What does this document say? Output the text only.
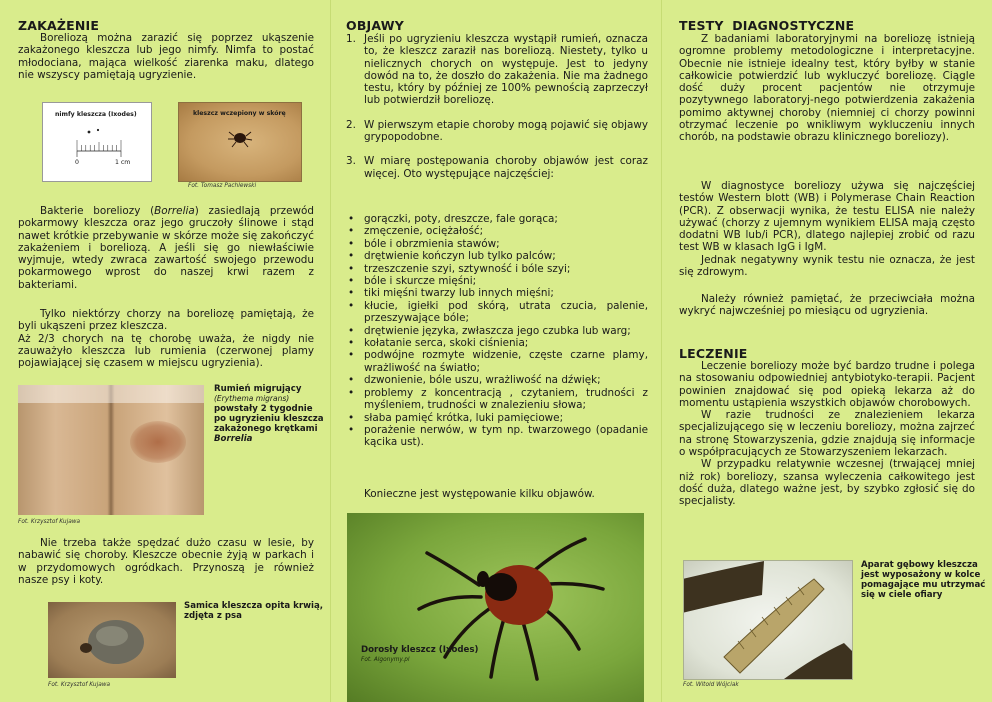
ZAKAŻENIE

Boreliozą można zarazić się poprzez ukąszenie zakażonego kleszcza lub jego nimfy. Nimfa to postać młodociana, mająca wielkość ziarenka maku, dlatego nie wszyscy pamiętają ugryzienie.

nimfy kleszcza (Ixodes)
0	1 cm
kleszcz wczepiony w skórę
Fot. Tomasz Pachlewski

Bakterie boreliozy (Borrelia) zasiedlają przewód pokarmowy kleszcza oraz jego gruczoły ślinowe i stąd nawet krótkie przebywanie w skórze może się zakończyć zakażeniem i boreliozą. A jeśli się go niewłaściwie wyjmuje, wtedy zwraca zawartość swojego przewodu pokarmowego wprost do naszej krwi razem z bakteriami.

Tylko niektórzy chorzy na boreliozę pamiętają, że byli ukąszeni przez kleszcza.
Aż 2/3 chorych na tę chorobę uważa, że nigdy nie zauważyło kleszcza lub rumienia (czerwonej plamy pojawiającej się czasem w miejscu ugryzienia).

Rumień migrujący
(Erythema migrans)
powstały 2 tygodnie po ugryzieniu kleszcza zakażonego krętkami
Borrelia
Fot. Krzysztof Kujawa

Nie trzeba także spędzać dużo czasu w lesie, by nabawić się choroby. Kleszcze obecnie żyją w parkach i w przydomowych ogródkach. Przynoszą je również nasze psy i koty.

Samica kleszcza opita krwią, zdjęta z psa
Fot. Krzysztof Kujawa
OBJAWY
1. Jeśli po ugryzieniu kleszcza wystąpił rumień, oznacza to, że kleszcz zaraził nas boreliozą. Niestety, tylko u nielicznych chorych on występuje. Jest to jedyny dowód na to, że doszło do zakażenia. Nie ma żadnego testu, który by później ze 100% pewnością zaprzeczył lub potwierdził boreliozę.
2. W pierwszym etapie choroby mogą pojawić się objawy grypopodobne.
3. W miarę postępowania choroby objawów jest coraz więcej. Oto występujące najczęściej:
• gorączki, poty, dreszcze, fale gorąca;
• zmęczenie, ociężałość;
• bóle i obrzmienia stawów;
• drętwienie kończyn lub tylko palców;
• trzeszczenie szyi, sztywność i bóle szyi;
• bóle i skurcze mięśni;
• tiki mięśni twarzy lub innych mięśni;
• kłucie, igiełki pod skórą, utrata czucia, palenie, przeszywające bóle;
• drętwienie języka, zwłaszcza jego czubka lub warg;
• kołatanie serca, skoki ciśnienia;
• podwójne rozmyte widzenie, częste czarne plamy, wrażliwość na światło;
• dzwonienie, bóle uszu, wrażliwość na dźwięk;
• problemy z koncentracją , czytaniem, trudności z myśleniem, trudności w znalezieniu słowa;
• słaba pamięć krótka, luki pamięciowe;
• porażenie nerwów, w tym np. twarzowego (opadanie kącika ust).

Konieczne jest występowanie kilku objawów.

Dorosły kleszcz (Ixodes)
Fot. Algonymy.pl
TESTY DIAGNOSTYCZNE

Z badaniami laboratoryjnymi na boreliozę istnieją ogromne problemy metodologiczne i interpretacyjne. Obecnie nie istnieje idealny test, który byłby w stanie całkowicie potwierdzić lub wykluczyć boreliozę. Ciągle dość duży procent pacjentów nie otrzymuje pozytywnego laboratoryj-nego potwierdzenia zakażenia pomimo aktywnej choroby (niemniej ci chorzy powinni otrzymać leczenie po wnikliwym wykluczeniu innych chorób, na podstawie obrazu klinicznego boreliozy).

W diagnostyce boreliozy używa się najczęściej testów Western blott (WB) i Polymerase Chain Reaction (PCR). Z obserwacji wynika, że testu ELISA nie należy używać (chorzy z ujemnym wynikiem ELISA mają często dodatni WB lub/i PCR), dlatego najlepiej zrobić od razu test WB w klasach IgG i IgM.
Jednak negatywny wynik testu nie oznacza, że jest się zdrowym.

Należy również pamiętać, że przeciwciała można wykryć najwcześniej po miesiącu od ugryzienia.

LECZENIE

Leczenie boreliozy może być bardzo trudne i polega na stosowaniu odpowiedniej antybiotyko-terapii. Pacjent powinien znajdować się pod opieką lekarza aż do momentu ustąpienia wszystkich objawów chorobowych.
W razie trudności ze znalezieniem lekarza specjalizującego się w leczeniu boreliozy, można zajrzeć na stronę Stowarzyszenia, gdzie znajdują się informacje o współpracujących ze Stowarzyszeniem lekarzach.
W przypadku relatywnie wczesnej (trwającej mniej niż rok) boreliozy, szansa wyleczenia całkowitego jest dość duża, dlatego ważne jest, by szybko zgłosić się do specjalisty.

Aparat gębowy kleszcza jest wyposażony w kolce pomagające mu utrzymać się w ciele ofiary
Fot. Witold Wójciak
